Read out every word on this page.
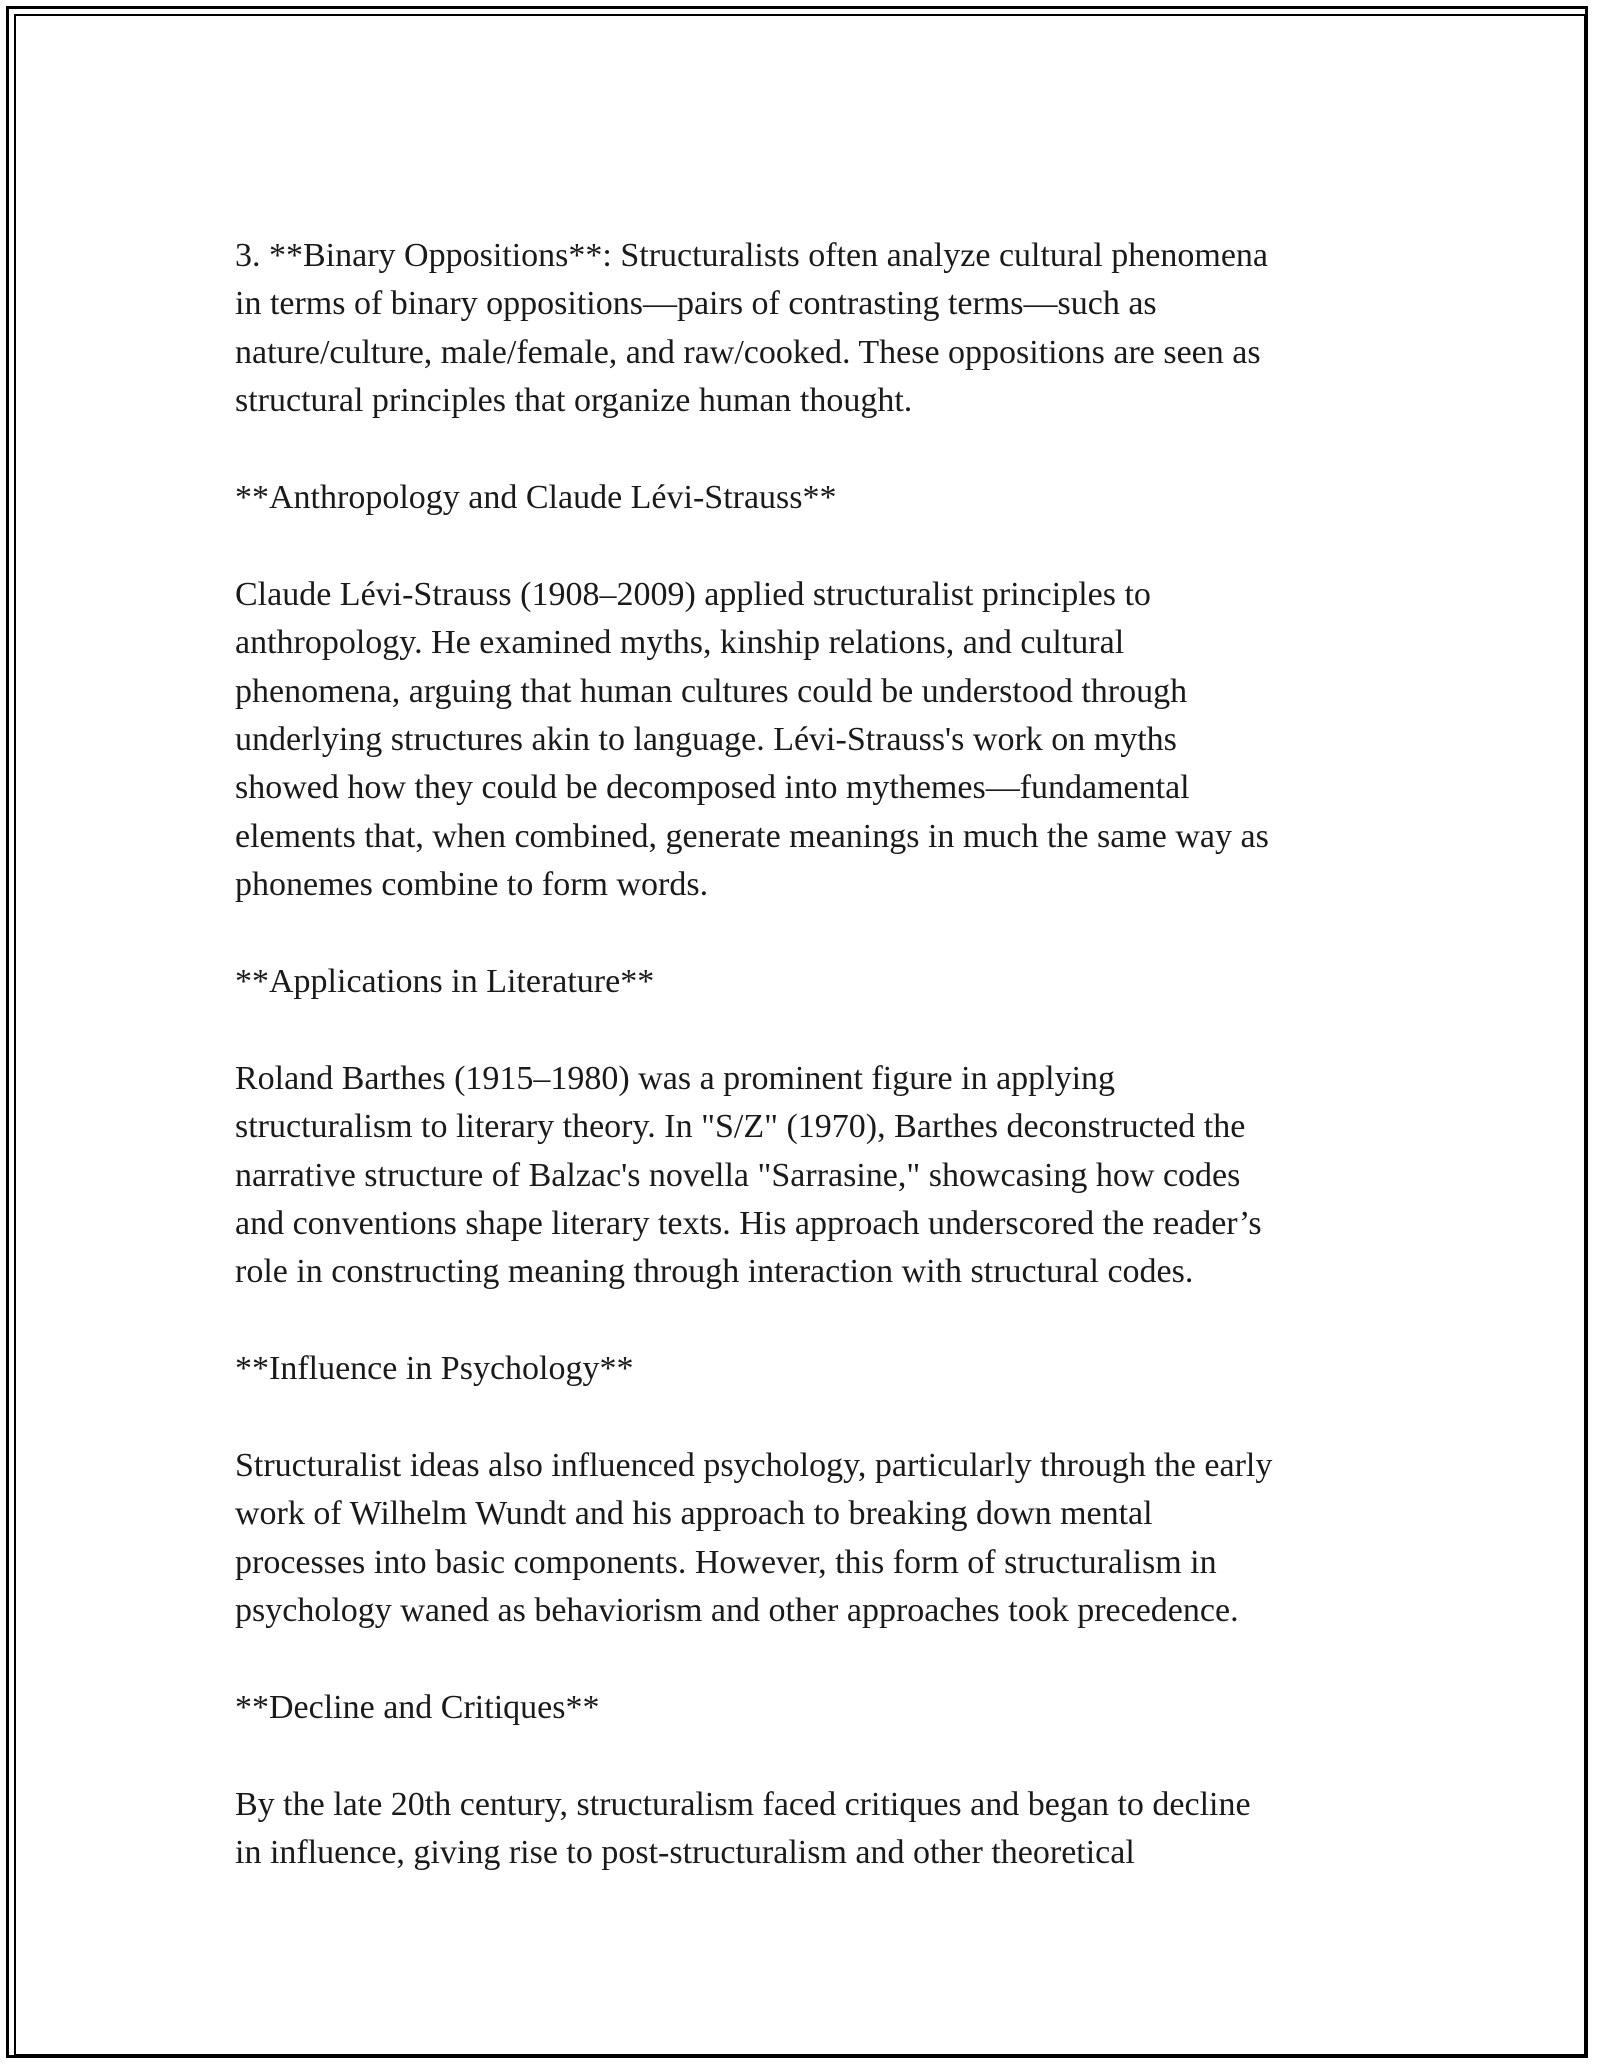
3. **Binary Oppositions**: Structuralists often analyze cultural phenomena
in terms of binary oppositions—pairs of contrasting terms—such as
nature/culture, male/female, and raw/cooked. These oppositions are seen as
structural principles that organize human thought.

**Anthropology and Claude Lévi-Strauss**

Claude Lévi-Strauss (1908–2009) applied structuralist principles to
anthropology. He examined myths, kinship relations, and cultural
phenomena, arguing that human cultures could be understood through
underlying structures akin to language. Lévi-Strauss's work on myths
showed how they could be decomposed into mythemes—fundamental
elements that, when combined, generate meanings in much the same way as
phonemes combine to form words.

**Applications in Literature**

Roland Barthes (1915–1980) was a prominent figure in applying
structuralism to literary theory. In "S/Z" (1970), Barthes deconstructed the
narrative structure of Balzac's novella "Sarrasine," showcasing how codes
and conventions shape literary texts. His approach underscored the reader’s
role in constructing meaning through interaction with structural codes.

**Influence in Psychology**

Structuralist ideas also influenced psychology, particularly through the early
work of Wilhelm Wundt and his approach to breaking down mental
processes into basic components. However, this form of structuralism in
psychology waned as behaviorism and other approaches took precedence.

**Decline and Critiques**

By the late 20th century, structuralism faced critiques and began to decline
in influence, giving rise to post-structuralism and other theoretical
